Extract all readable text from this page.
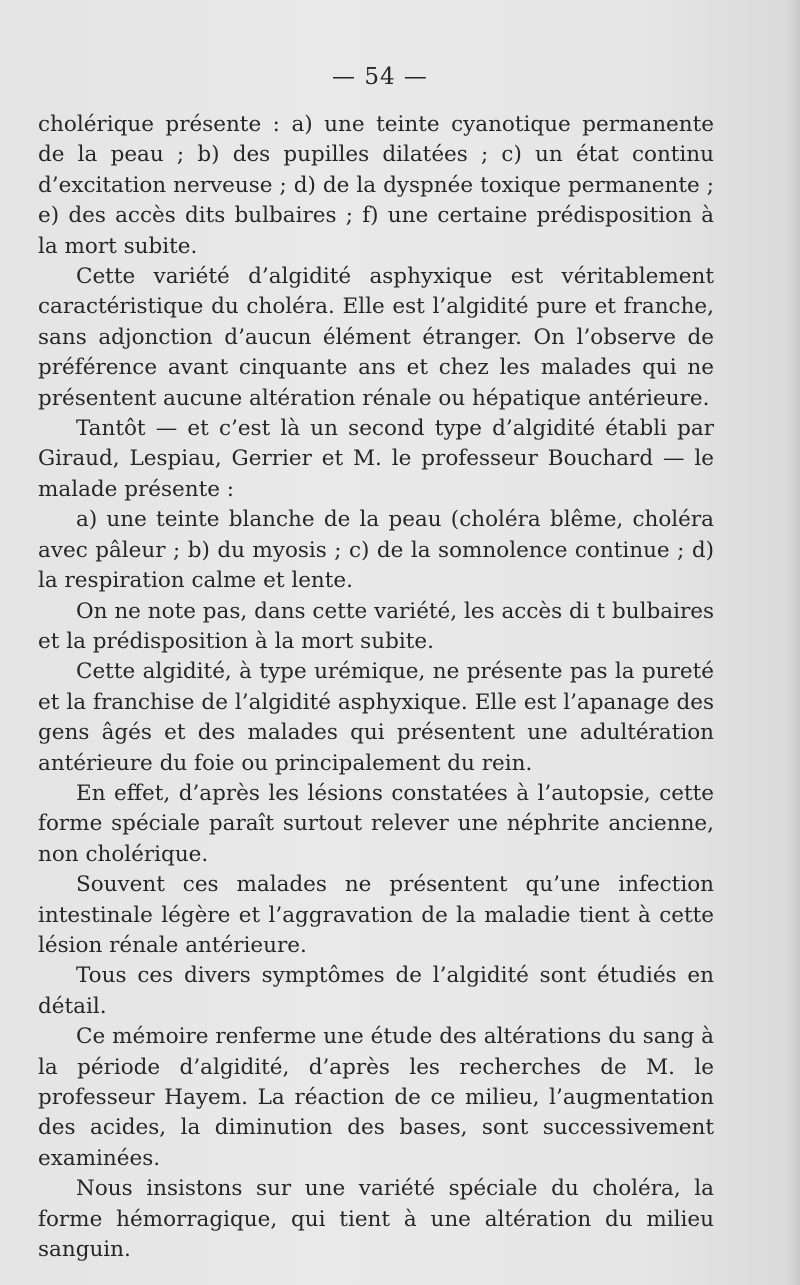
— 54 —

cholérique présente : a) une teinte cyanotique permanente de la peau ; b) des pupilles dilatées ; c) un état continu d’excitation nerveuse ; d) de la dyspnée toxique permanente ; e) des accès dits bulbaires ; f) une certaine prédisposition à la mort subite.

Cette variété d’algidité asphyxique est véritablement caractéristique du choléra. Elle est l’algidité pure et franche, sans adjonction d’aucun élément étranger. On l’observe de préférence avant cinquante ans et chez les malades qui ne présentent aucune altération rénale ou hépatique antérieure.

Tantôt — et c’est là un second type d’algidité établi par Giraud, Lespiau, Gerrier et M. le professeur Bouchard — le malade présente :

a) une teinte blanche de la peau (choléra blême, choléra avec pâleur ; b) du myosis ; c) de la somnolence continue ; d) la respiration calme et lente.

On ne note pas, dans cette variété, les accès di t bulbaires et la prédisposition à la mort subite.

Cette algidité, à type urémique, ne présente pas la pureté et la franchise de l’algidité asphyxique. Elle est l’apanage des gens âgés et des malades qui présentent une adultération antérieure du foie ou principalement du rein.

En effet, d’après les lésions constatées à l’autopsie, cette forme spéciale paraît surtout relever une néphrite ancienne, non cholérique.

Souvent ces malades ne présentent qu’une infection intestinale légère et l’aggravation de la maladie tient à cette lésion rénale antérieure.

Tous ces divers symptômes de l’algidité sont étudiés en détail.

Ce mémoire renferme une étude des altérations du sang à la période d’algidité, d’après les recherches de M. le professeur Hayem. La réaction de ce milieu, l’augmentation des acides, la diminution des bases, sont successivement examinées.

Nous insistons sur une variété spéciale du choléra, la forme hémorragique, qui tient à une altération du milieu sanguin.
